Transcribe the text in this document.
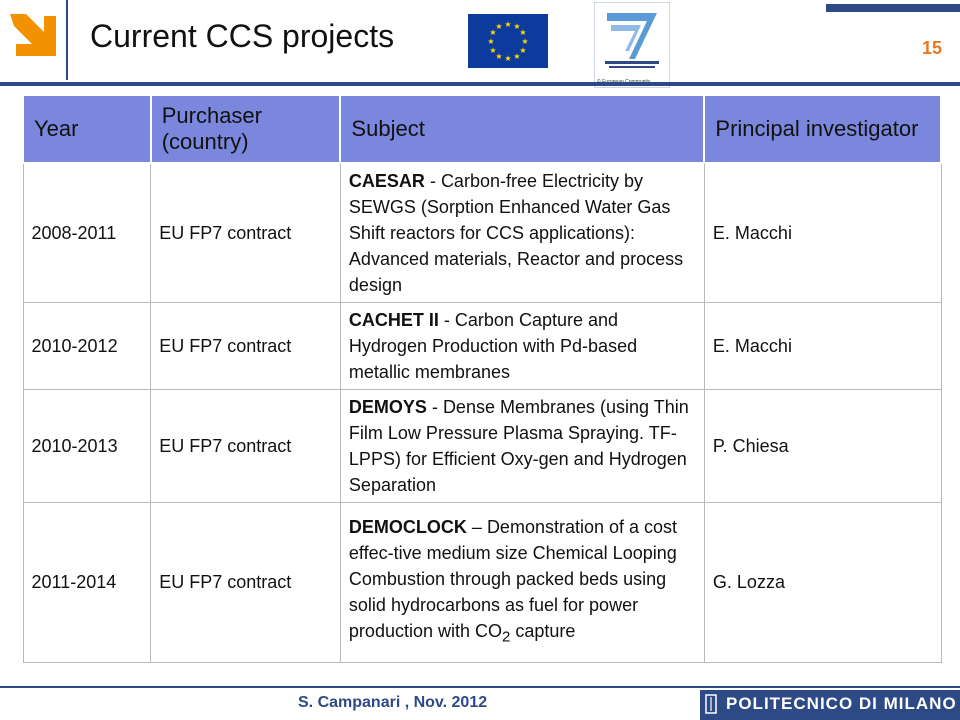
Current CCS projects	★ ★
★
★
★
★
★
★
★
★
★
★
15
Year	Purchaser (country)	Subject	Principal investigator
2008-2011	EU FP7 contract	CAESAR - Carbon-free Electricity by SEWGS (Sorption Enhanced Water Gas Shift reactors for CCS applications): Advanced materials, Reactor and process design	E. Macchi
2010-2012	EU FP7 contract	CACHET II - Carbon Capture and Hydrogen Production with Pd-based metallic membranes	E. Macchi
2010-2013	EU FP7 contract	DEMOYS - Dense Membranes (using Thin Film Low Pressure Plasma Spraying. TF-LPPS) for Efficient Oxy-gen and Hydrogen Separation	P. Chiesa
2011-2014	EU FP7 contract	DEMOCLOCK – Demonstration of a cost effec-tive medium size Chemical Looping Combustion through packed beds using solid hydrocarbons as fuel for power production with $CO_2$ capture	G. Lozza
S. Campanari , Nov. 2012	POLITECNICO DI MILANO
